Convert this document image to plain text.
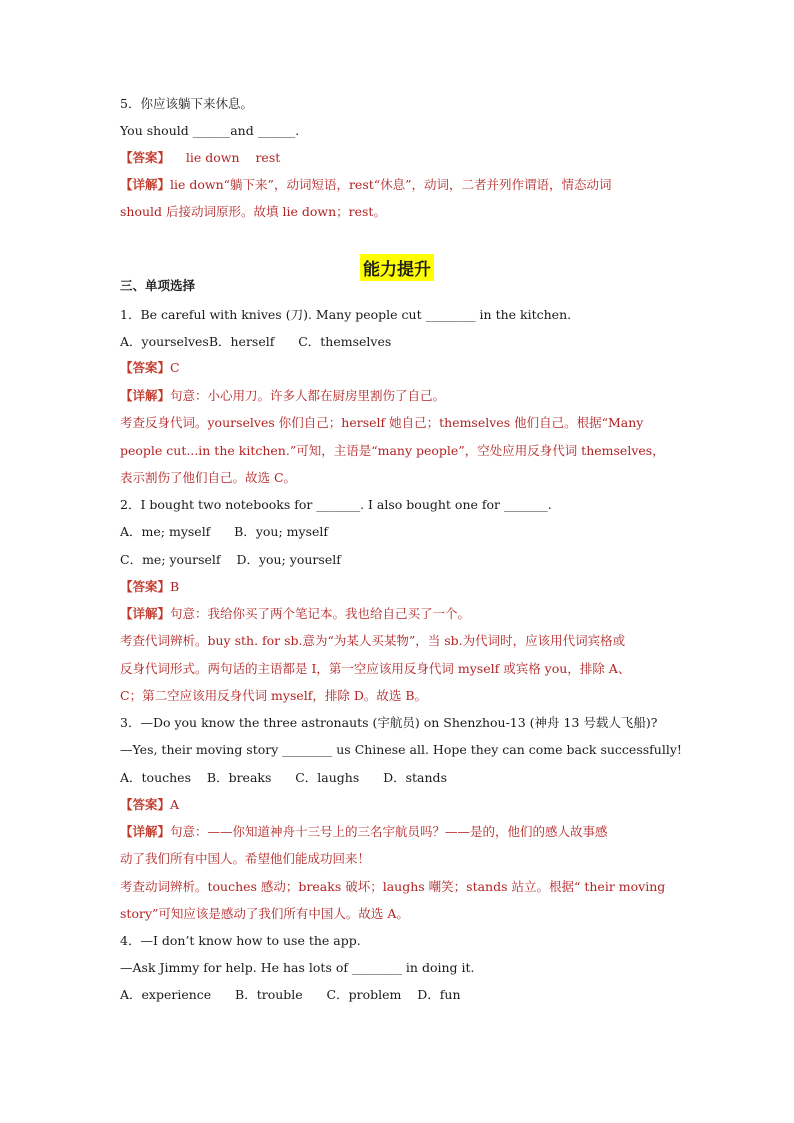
5．你应该躺下来休息。
You should ______and ______.
【答案】    lie down    rest
【详解】lie down“躺下来”，动词短语，rest“休息”，动词，二者并列作谓语，情态动词
should 后接动词原形。故填 lie down；rest。
能力提升
三、单项选择
1．Be careful with knives (刀). Many people cut ________ in the kitchen.
A．yourselvesB．herself      C．themselves
【答案】C
【详解】句意：小心用刀。许多人都在厨房里割伤了自己。
考查反身代词。yourselves 你们自己；herself 她自己；themselves 他们自己。根据“Many
people cut...in the kitchen.”可知，主语是“many people”，空处应用反身代词 themselves，
表示割伤了他们自己。故选 C。
2．I bought two notebooks for _______. I also bought one for _______.
A．me; myself      B．you; myself
C．me; yourself    D．you; yourself
【答案】B
【详解】句意：我给你买了两个笔记本。我也给自己买了一个。
考查代词辨析。buy sth. for sb.意为“为某人买某物”，当 sb.为代词时，应该用代词宾格或
反身代词形式。两句话的主语都是 I，第一空应该用反身代词 myself 或宾格 you，排除 A、
C；第二空应该用反身代词 myself，排除 D。故选 B。
3．—Do you know the three astronauts (宇航员) on Shenzhou-13 (神舟 13 号载人飞船)?
—Yes, their moving story ________ us Chinese all. Hope they can come back successfully!
A．touches    B．breaks      C．laughs      D．stands
【答案】A
【详解】句意：——你知道神舟十三号上的三名宇航员吗？——是的，他们的感人故事感
动了我们所有中国人。希望他们能成功回来！
考查动词辨析。touches 感动；breaks 破坏；laughs 嘲笑；stands 站立。根据“ their moving
story”可知应该是感动了我们所有中国人。故选 A。
4．—I don’t know how to use the app.
—Ask Jimmy for help. He has lots of ________ in doing it.
A．experience      B．trouble      C．problem    D．fun
